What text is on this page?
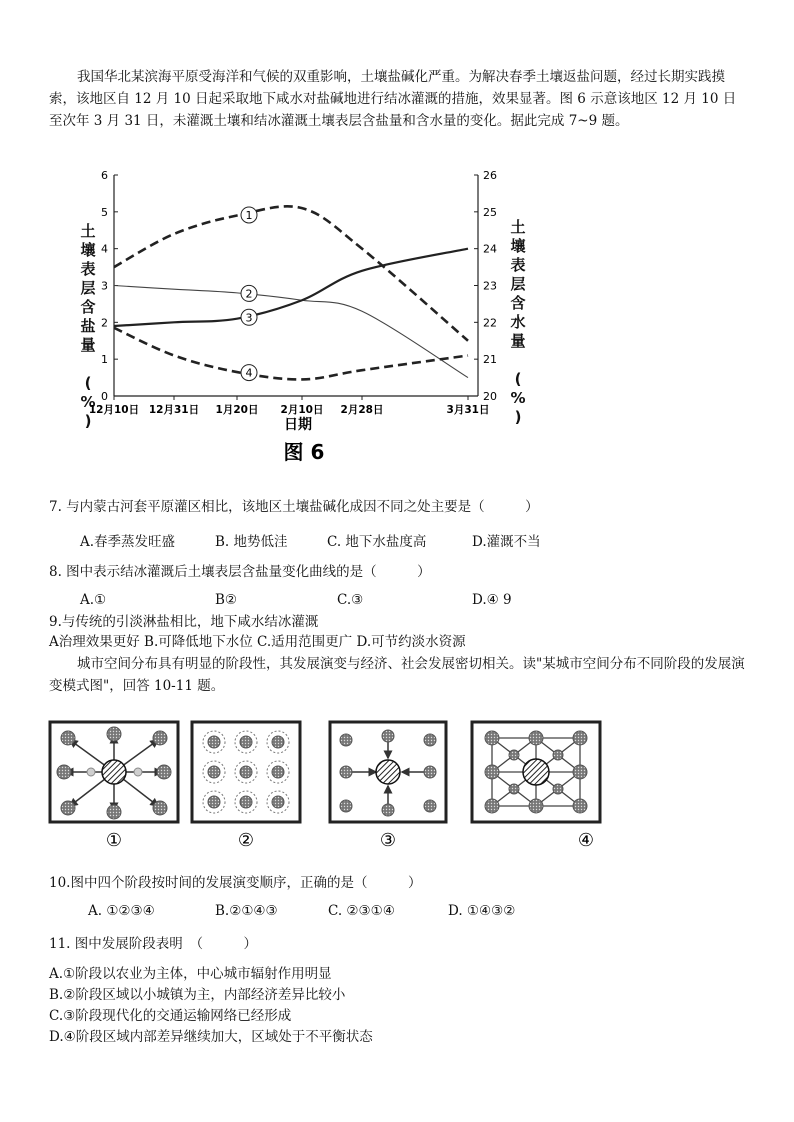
我国华北某滨海平原受海洋和气候的双重影响，土壤盐碱化严重。为解决春季土壤返盐问题，经过长期实践摸索，该地区自 12 月 10 日起采取地下咸水对盐碱地进行结冰灌溉的措施，效果显著。图 6 示意该地区 12 月 10 日至次年 3 月 31 日，未灌溉土壤和结冰灌溉土壤表层含盐量和含水量的变化。据此完成 7~9 题。
土
壤
表
层
含
盐
量

(
%
)
土
壤
表
层
含
水
量

(
%
)
0
1
2
3
4
5
6
20
21
22
23
24
25
26
12月10日 12月31日 1月20日 2月10日 2月28日	3月31日
1
2
3
4
日期
图 6
7. 与内蒙古河套平原灌区相比，该地区土壤盐碱化成因不同之处主要是（　　　）
A.春季蒸发旺盛	B. 地势低洼	C. 地下水盐度高	D.灌溉不当
8. 图中表示结冰灌溉后土壤表层含盐量变化曲线的是（　　　）
A.①	B②	C.③	D.④ 9
9.与传统的引淡淋盐相比，地下咸水结冰灌溉
A治理效果更好 B.可降低地下水位 C.适用范围更广 D.可节约淡水资源
城市空间分布具有明显的阶段性，其发展演变与经济、社会发展密切相关。读"某城市空间分布不同阶段的发展演变模式图"，回答 10-11 题。
①	②	③	④
10.图中四个阶段按时间的发展演变顺序，正确的是（　　　）
A. ①②③④	B.②①④③	C. ②③①④	D. ①④③②
11. 图中发展阶段表明　（　　　）
A.①阶段以农业为主体，中心城市辐射作用明显
B.②阶段区域以小城镇为主，内部经济差异比较小
C.③阶段现代化的交通运输网络已经形成
D.④阶段区域内部差异继续加大，区域处于不平衡状态
